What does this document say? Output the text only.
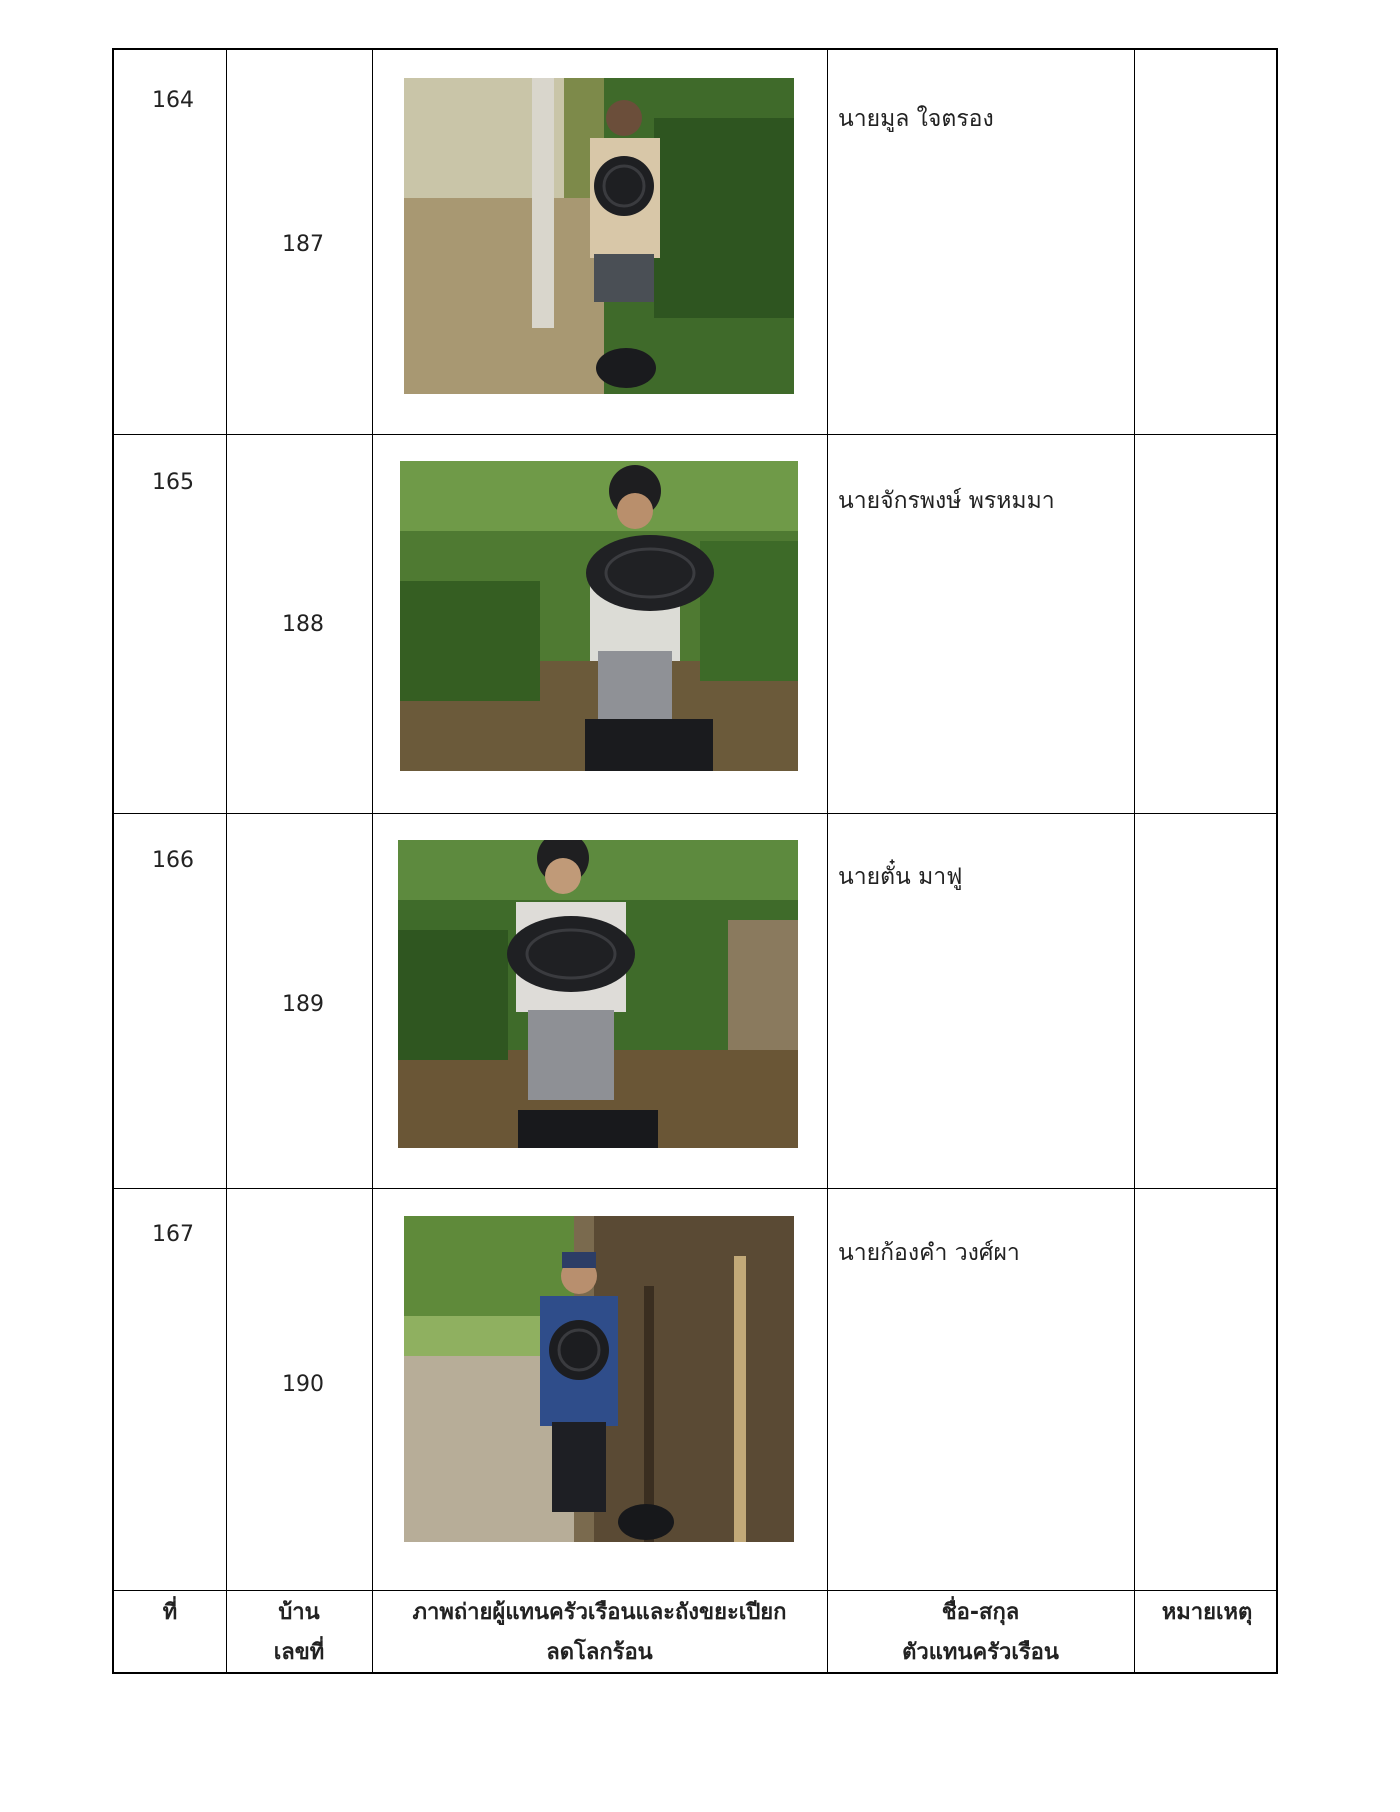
164
187
นายมูล ใจตรอง
165
188
นายจักรพงษ์ พรหมมา
166
189
นายตั๋น มาฟู
167
190
นายก้องคำ วงศ์ผา
ที่	บ้าน
เลขที่
ภาพถ่ายผู้แทนครัวเรือนและถังขยะเปียก
ลดโลกร้อน
ชื่อ-สกุล
ตัวแทนครัวเรือน
หมายเหตุ
